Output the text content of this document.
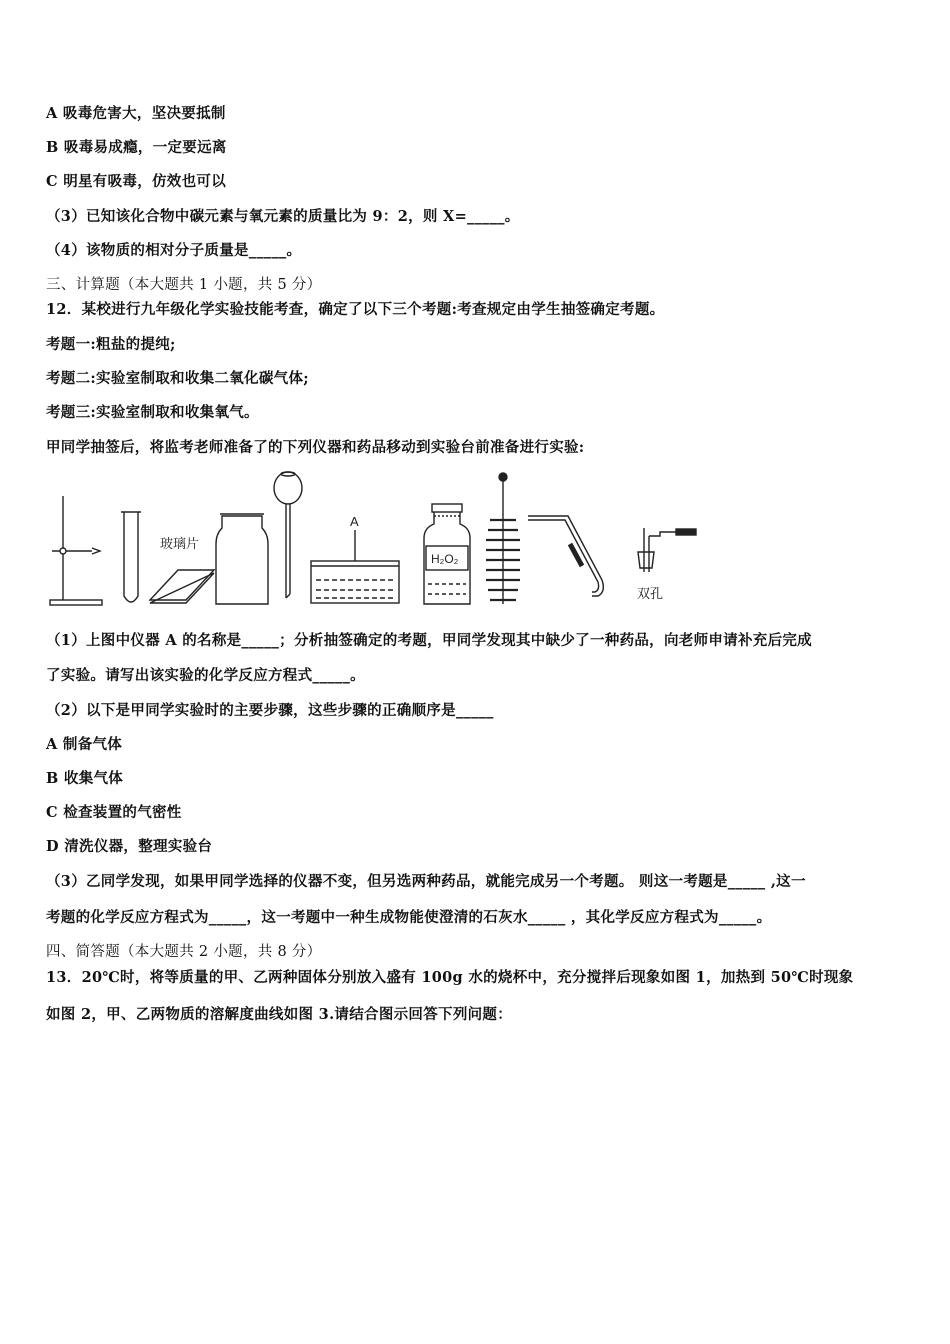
A 吸毒危害大，坚决要抵制
B 吸毒易成瘾，一定要远离
C 明星有吸毒，仿效也可以
（3）已知该化合物中碳元素与氧元素的质量比为 9：2，则 X=_____。
（4）该物质的相对分子质量是_____。
三、计算题（本大题共 1 小题，共 5 分）
12．某校进行九年级化学实验技能考查，确定了以下三个考题:考查规定由学生抽签确定考题。
考题一:粗盐的提纯;
考题二:实验室制取和收集二氧化碳气体;
考题三:实验室制取和收集氧气。
甲同学抽签后，将监考老师准备了的下列仪器和药品移动到实验台前准备进行实验:
玻璃片
A
H₂O₂
双孔
（1）上图中仪器 A 的名称是_____；分析抽签确定的考题，甲同学发现其中缺少了一种药品，向老师申请补充后完成
了实验。请写出该实验的化学反应方程式_____。
（2）以下是甲同学实验时的主要步骤，这些步骤的正确顺序是_____
A 制备气体
B 收集气体
C 检查装置的气密性
D 清洗仪器，整理实验台
（3）乙同学发现，如果甲同学选择的仪器不变，但另选两种药品，就能完成另一个考题。 则这一考题是_____ ,这一
考题的化学反应方程式为_____，这一考题中一种生成物能使澄清的石灰水_____ ，其化学反应方程式为_____。
四、简答题（本大题共 2 小题，共 8 分）
13．20℃时，将等质量的甲、乙两种固体分别放入盛有 100g 水的烧杯中，充分搅拌后现象如图 1，加热到 50℃时现象
如图 2，甲、乙两物质的溶解度曲线如图 3.请结合图示回答下列问题：
